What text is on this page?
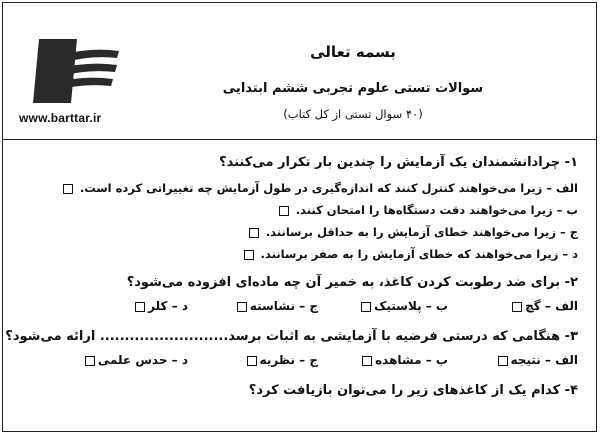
www.barttar.ir
بسمه تعالی
سوالات تستی علوم تجربی ششم ابتدایی
(۴۰ سوال تستی از کل کتاب)
۱- چرادانشمندان یک آزمایش را چندین بار تکرار می‌کنند؟
الف – زیرا می‌خواهند کنترل کنند که اندازه‌گیری در طول آزمایش چه تغییراتی کرده است.
ب – زیرا می‌خواهند دقت دستگاه‌ها را امتحان کنند.
ج – زیرا می‌خواهند خطای آزمایش را به حداقل برسانند.
د – زیرا می‌خواهند که خطای آزمایش را به صفر برسانند.
۲- برای ضد رطوبت کردن کاغذ، به خمیر آن چه ماده‌ای افزوده می‌شود؟
الف – گچ
ب – پلاستیک
ج – نشاسته
د – کلر
۳- هنگامی که درستی فرضیه با آزمایشی به اثبات برسد.......................... ارائه می‌شود؟
الف – نتیجه
ب – مشاهده
ج – نظریه
د – حدس علمی
۴- کدام یک از کاغذهای زیر را می‌توان بازیافت کرد؟
